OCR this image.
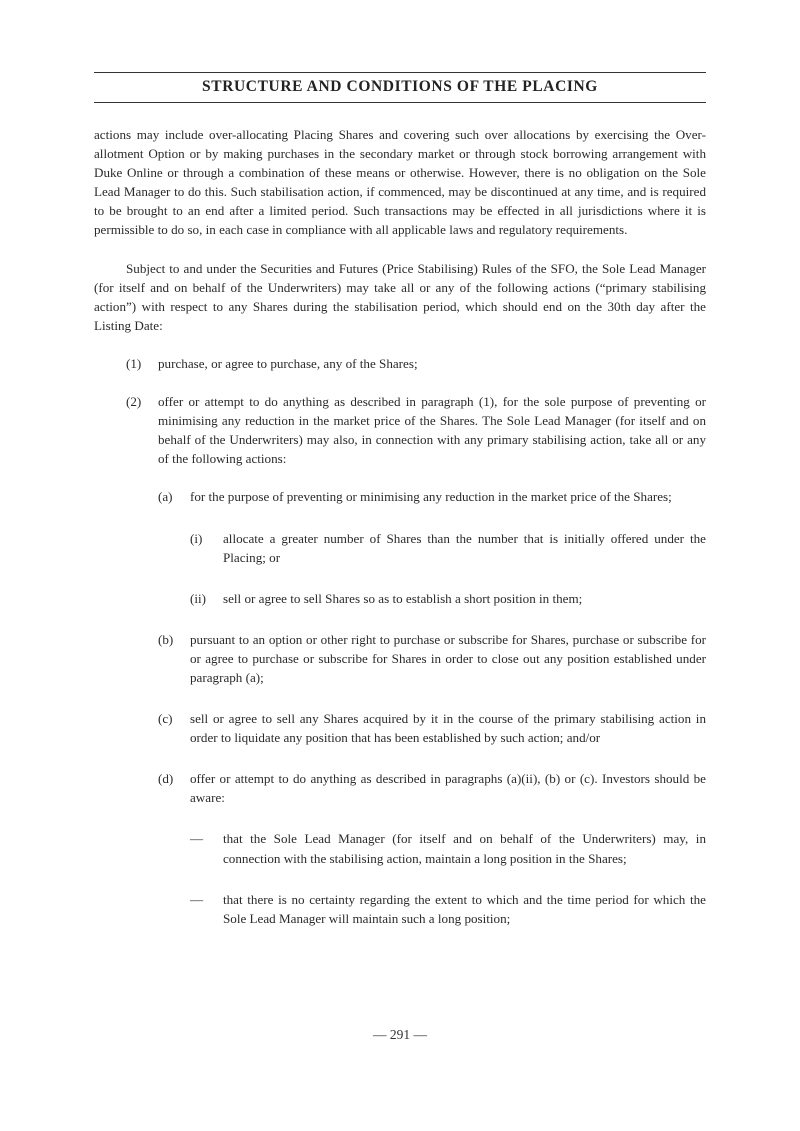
STRUCTURE AND CONDITIONS OF THE PLACING

actions may include over-allocating Placing Shares and covering such over allocations by exercising the Over-allotment Option or by making purchases in the secondary market or through stock borrowing arrangement with Duke Online or through a combination of these means or otherwise. However, there is no obligation on the Sole Lead Manager to do this. Such stabilisation action, if commenced, may be discontinued at any time, and is required to be brought to an end after a limited period. Such transactions may be effected in all jurisdictions where it is permissible to do so, in each case in compliance with all applicable laws and regulatory requirements.

Subject to and under the Securities and Futures (Price Stabilising) Rules of the SFO, the Sole Lead Manager (for itself and on behalf of the Underwriters) may take all or any of the following actions (“primary stabilising action”) with respect to any Shares during the stabilisation period, which should end on the 30th day after the Listing Date:

(1) purchase, or agree to purchase, any of the Shares;
(2) offer or attempt to do anything as described in paragraph (1), for the sole purpose of preventing or minimising any reduction in the market price of the Shares. The Sole Lead Manager (for itself and on behalf of the Underwriters) may also, in connection with any primary stabilising action, take all or any of the following actions:
(a) for the purpose of preventing or minimising any reduction in the market price of the Shares;
(i) allocate a greater number of Shares than the number that is initially offered under the Placing; or
(ii) sell or agree to sell Shares so as to establish a short position in them;
(b) pursuant to an option or other right to purchase or subscribe for Shares, purchase or subscribe for or agree to purchase or subscribe for Shares in order to close out any position established under paragraph (a);
(c) sell or agree to sell any Shares acquired by it in the course of the primary stabilising action in order to liquidate any position that has been established by such action; and/or
(d) offer or attempt to do anything as described in paragraphs (a)(ii), (b) or (c). Investors should be aware:
— that the Sole Lead Manager (for itself and on behalf of the Underwriters) may, in connection with the stabilising action, maintain a long position in the Shares;
— that there is no certainty regarding the extent to which and the time period for which the Sole Lead Manager will maintain such a long position;
— 291 —
